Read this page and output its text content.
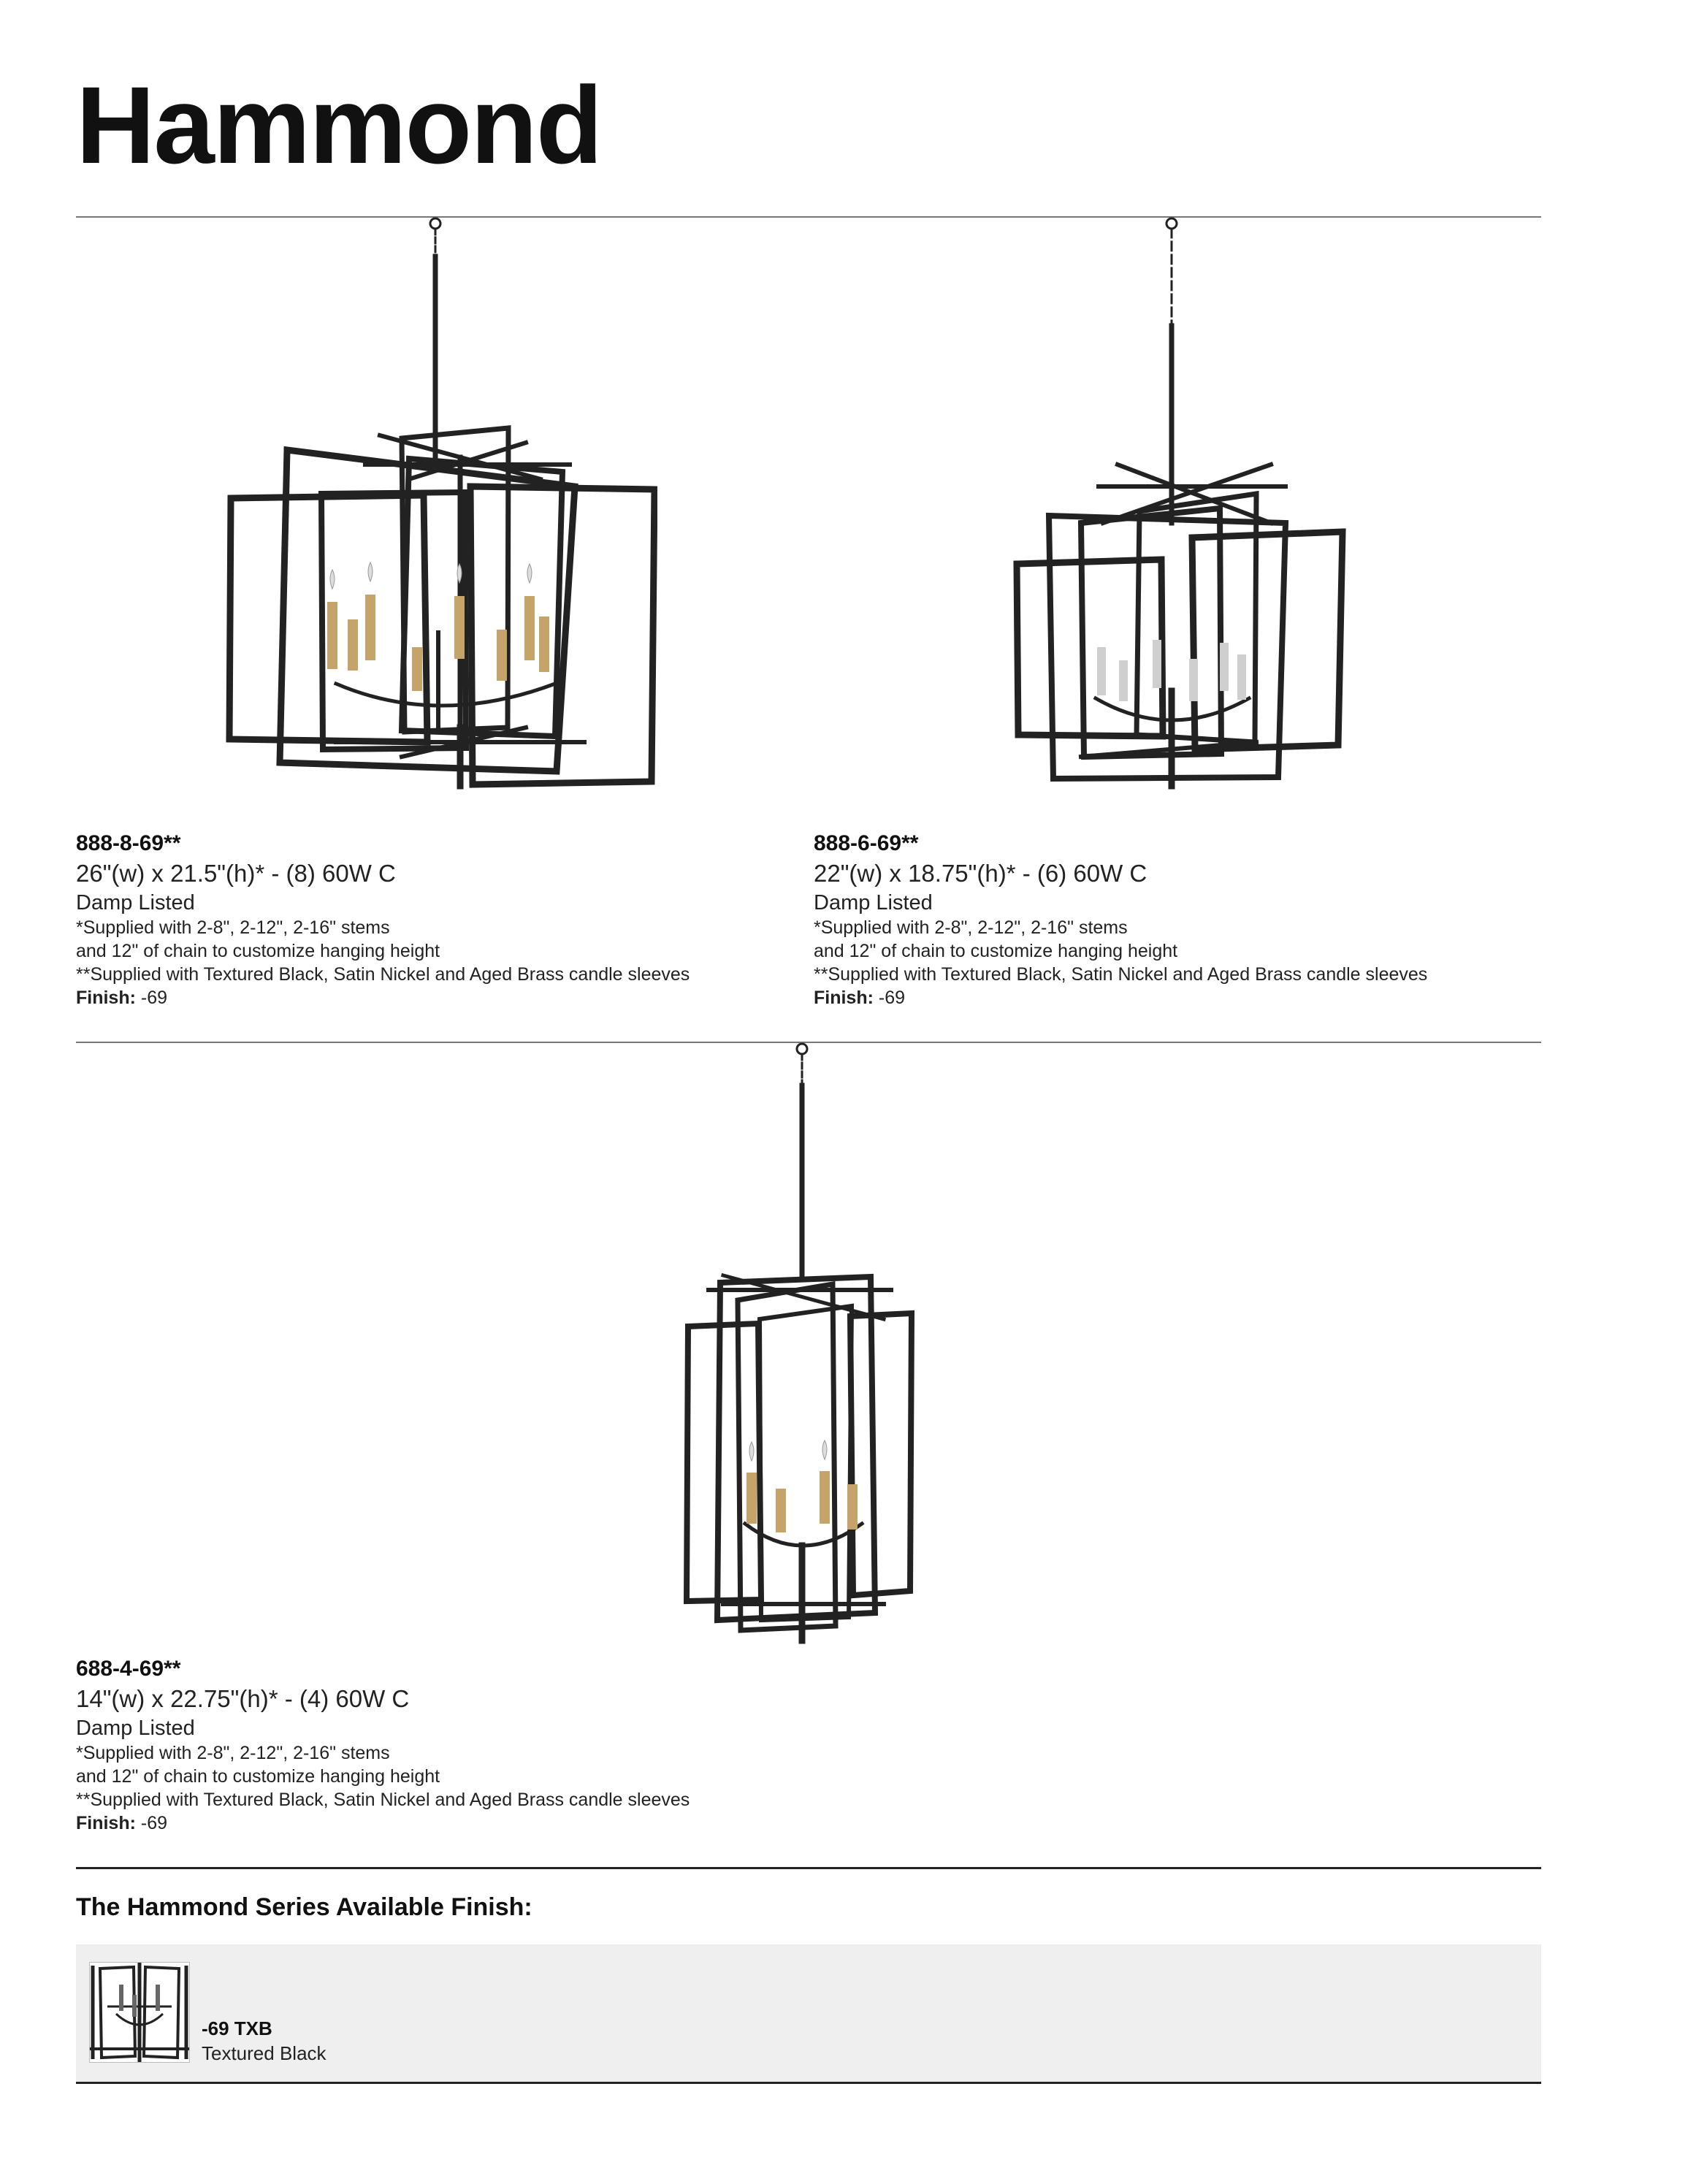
Hammond
888-8-69**
26"(w) x 21.5"(h)* - (8) 60W C
Damp Listed
*Supplied with 2-8", 2-12", 2-16" stems
and 12" of chain to customize hanging height
**Supplied with Textured Black, Satin Nickel and Aged Brass candle sleeves
Finish: -69
888-6-69**
22"(w) x 18.75"(h)* - (6) 60W C
Damp Listed
*Supplied with 2-8", 2-12", 2-16" stems
and 12" of chain to customize hanging height
**Supplied with Textured Black, Satin Nickel and Aged Brass candle sleeves
Finish: -69
688-4-69**
14"(w) x 22.75"(h)* - (4) 60W C
Damp Listed
*Supplied with 2-8", 2-12", 2-16" stems
and 12" of chain to customize hanging height
**Supplied with Textured Black, Satin Nickel and Aged Brass candle sleeves
Finish: -69
The Hammond Series Available Finish:
-69 TXB
Textured Black
